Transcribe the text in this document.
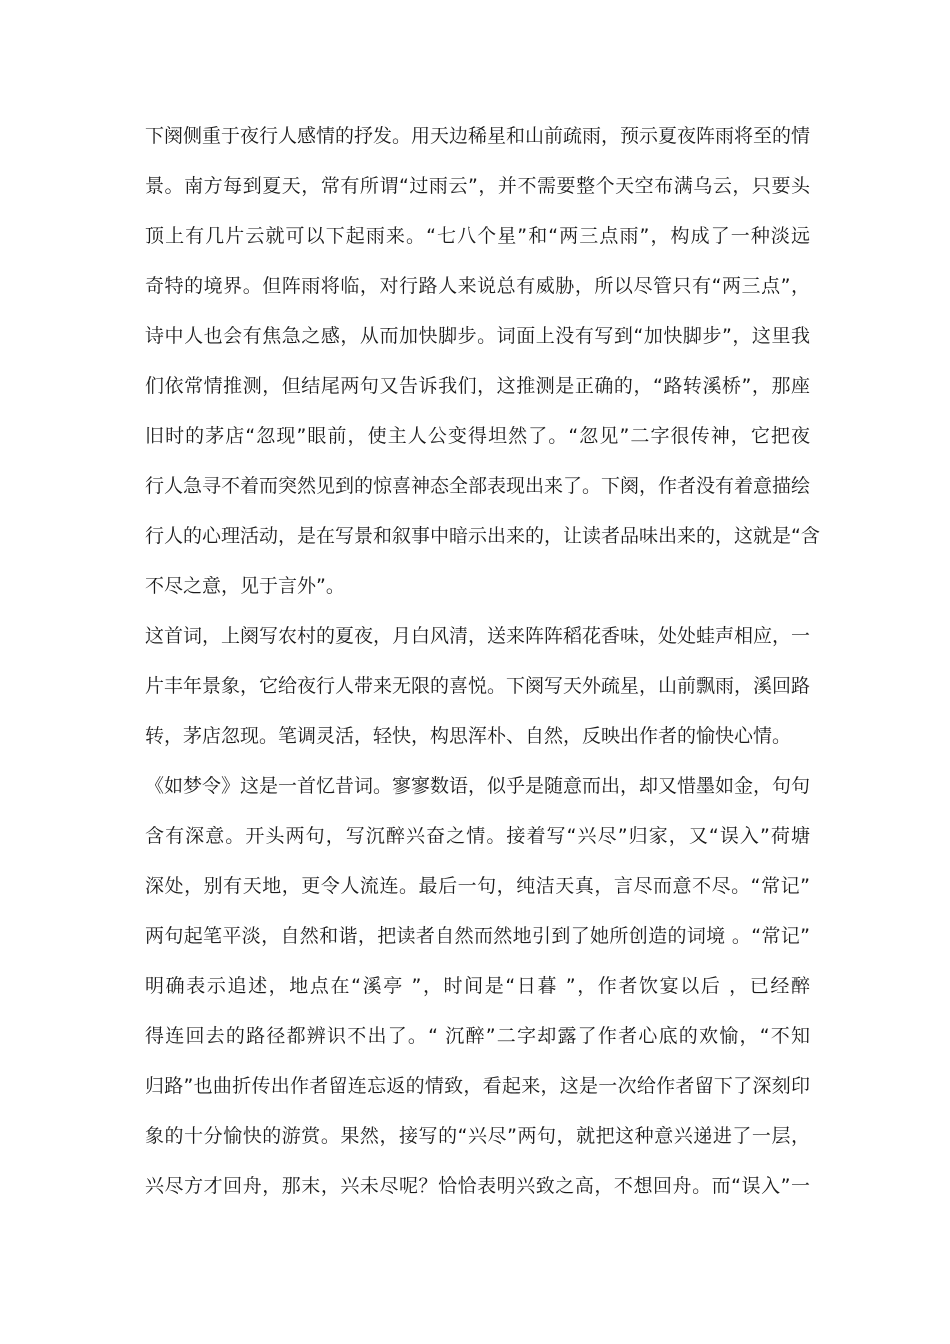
下阕侧重于夜行人感情的抒发。用天边稀星和山前疏雨，预示夏夜阵雨将至的情
景。南方每到夏天，常有所谓“过雨云”，并不需要整个天空布满乌云，只要头
顶上有几片云就可以下起雨来。“七八个星”和“两三点雨”，构成了一种淡远
奇特的境界。但阵雨将临，对行路人来说总有威胁，所以尽管只有“两三点”，
诗中人也会有焦急之感，从而加快脚步。词面上没有写到“加快脚步”，这里我
们依常情推测，但结尾两句又告诉我们，这推测是正确的，“路转溪桥”，那座
旧时的茅店“忽现”眼前，使主人公变得坦然了。“忽见”二字很传神，它把夜
行人急寻不着而突然见到的惊喜神态全部表现出来了。下阕，作者没有着意描绘
行人的心理活动，是在写景和叙事中暗示出来的，让读者品味出来的，这就是“含
不尽之意，见于言外”。
这首词，上阕写农村的夏夜，月白风清，送来阵阵稻花香味，处处蛙声相应，一
片丰年景象，它给夜行人带来无限的喜悦。下阕写天外疏星，山前飘雨，溪回路
转，茅店忽现。笔调灵活，轻快，构思浑朴、自然，反映出作者的愉快心情。
《如梦令》这是一首忆昔词。寥寥数语，似乎是随意而出，却又惜墨如金，句句
含有深意。开头两句，写沉醉兴奋之情。接着写“兴尽”归家，又“误入”荷塘
深处，别有天地，更令人流连。最后一句，纯洁天真，言尽而意不尽。“常记”
两句起笔平淡，自然和谐，把读者自然而然地引到了她所创造的词境 。“常记”
明确表示追述，地点在“溪亭 ”，时间是“日暮 ”，作者饮宴以后 ，已经醉
得连回去的路径都辨识不出了。“ 沉醉”二字却露了作者心底的欢愉，“不知
归路”也曲折传出作者留连忘返的情致，看起来，这是一次给作者留下了深刻印
象的十分愉快的游赏。果然，接写的“兴尽”两句，就把这种意兴递进了一层，
兴尽方才回舟，那末，兴未尽呢？恰恰表明兴致之高，不想回舟。而“误入”一
